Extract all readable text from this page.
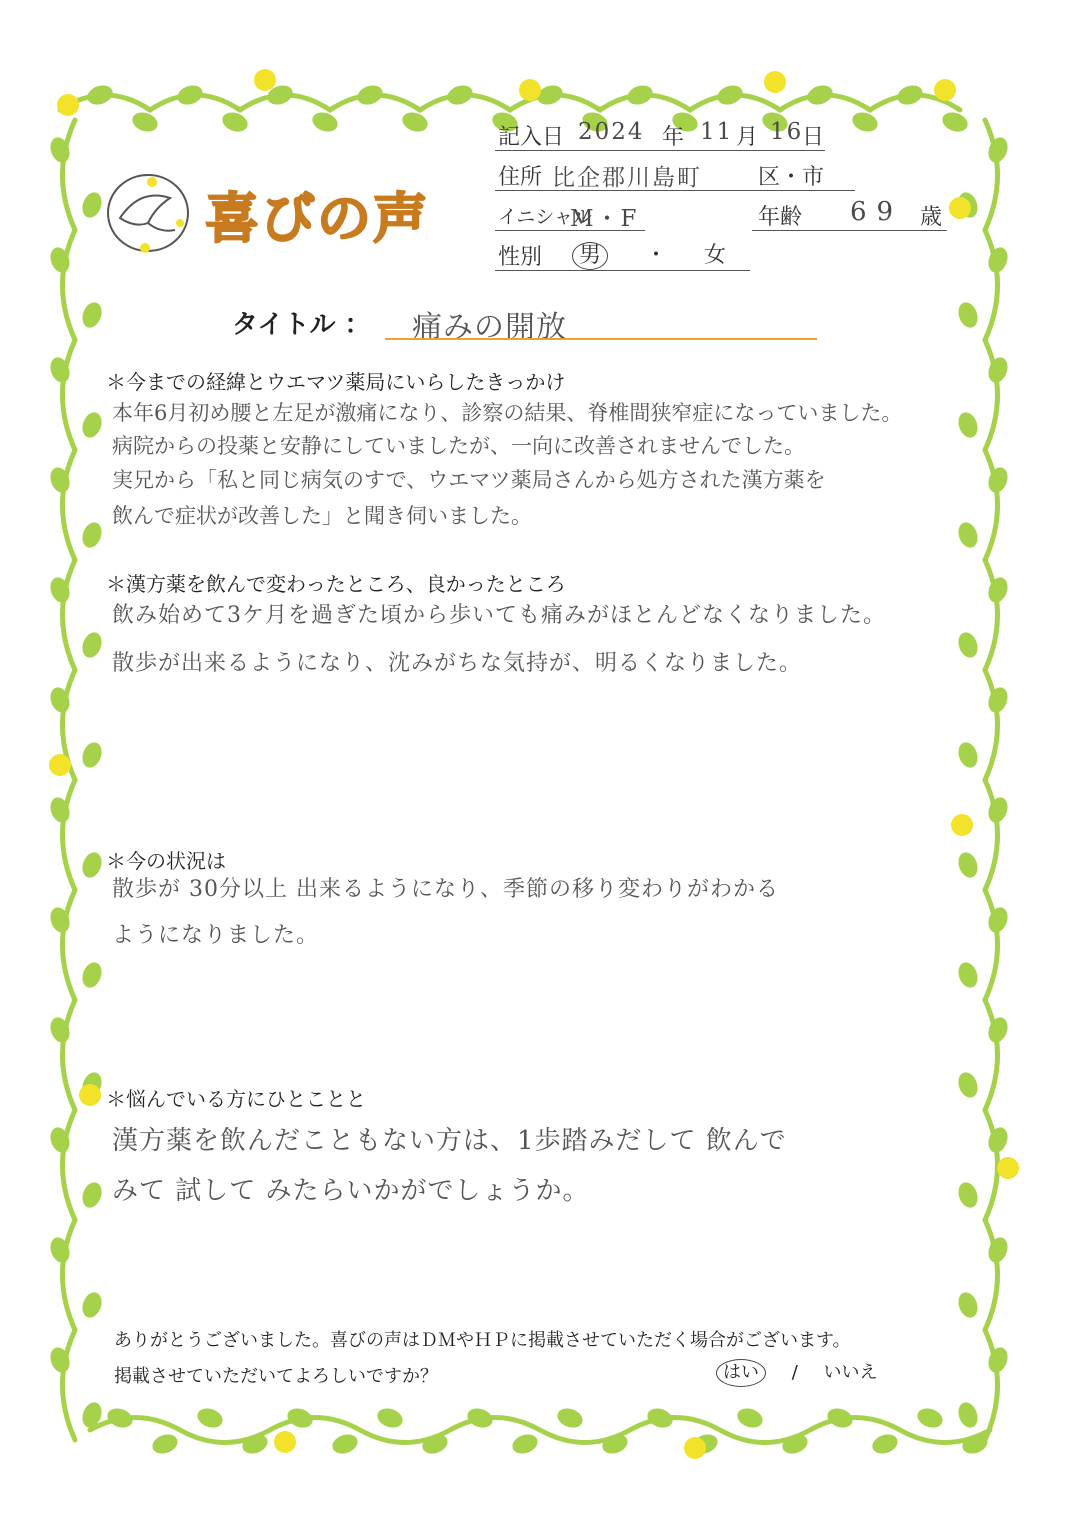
喜びの声
記入日 2024 年 11 月 16
日
住所 比企郡川島町	区・市
イニシャル
M・F	年齢 69 歳
性別	男 ・ 女
タイトル ： 痛みの開放
＊今までの経緯とウエマツ薬局にいらしたきっかけ
本年6月初め腰と左足が激痛になり、診察の結果、脊椎間狭窄症になっていました。
病院からの投薬と安静にしていましたが、一向に改善されませんでした。
実兄から「私と同じ病気のすで、ウエマツ薬局さんから処方された漢方薬を
飲んで症状が改善した」と聞き伺いました。
＊漢方薬を飲んで変わったところ、良かったところ
飲み始めて3ケ月を過ぎた頃から歩いても痛みがほとんどなくなりました。
散歩が出来るようになり、沈みがちな気持が、明るくなりました。
＊今の状況は
散歩が 30分以上 出来るようになり、季節の移り変わりがわかる
ようになりました。
＊悩んでいる方にひとことと
漢方薬を飲んだこともない方は、1歩踏みだして 飲んで
みて 試して みたらいかがでしょうか。
ありがとうございました。喜びの声はＤＭやＨＰに掲載させていただく場合がございます。
掲載させていただいてよろしいですか？	はい / いいえ
